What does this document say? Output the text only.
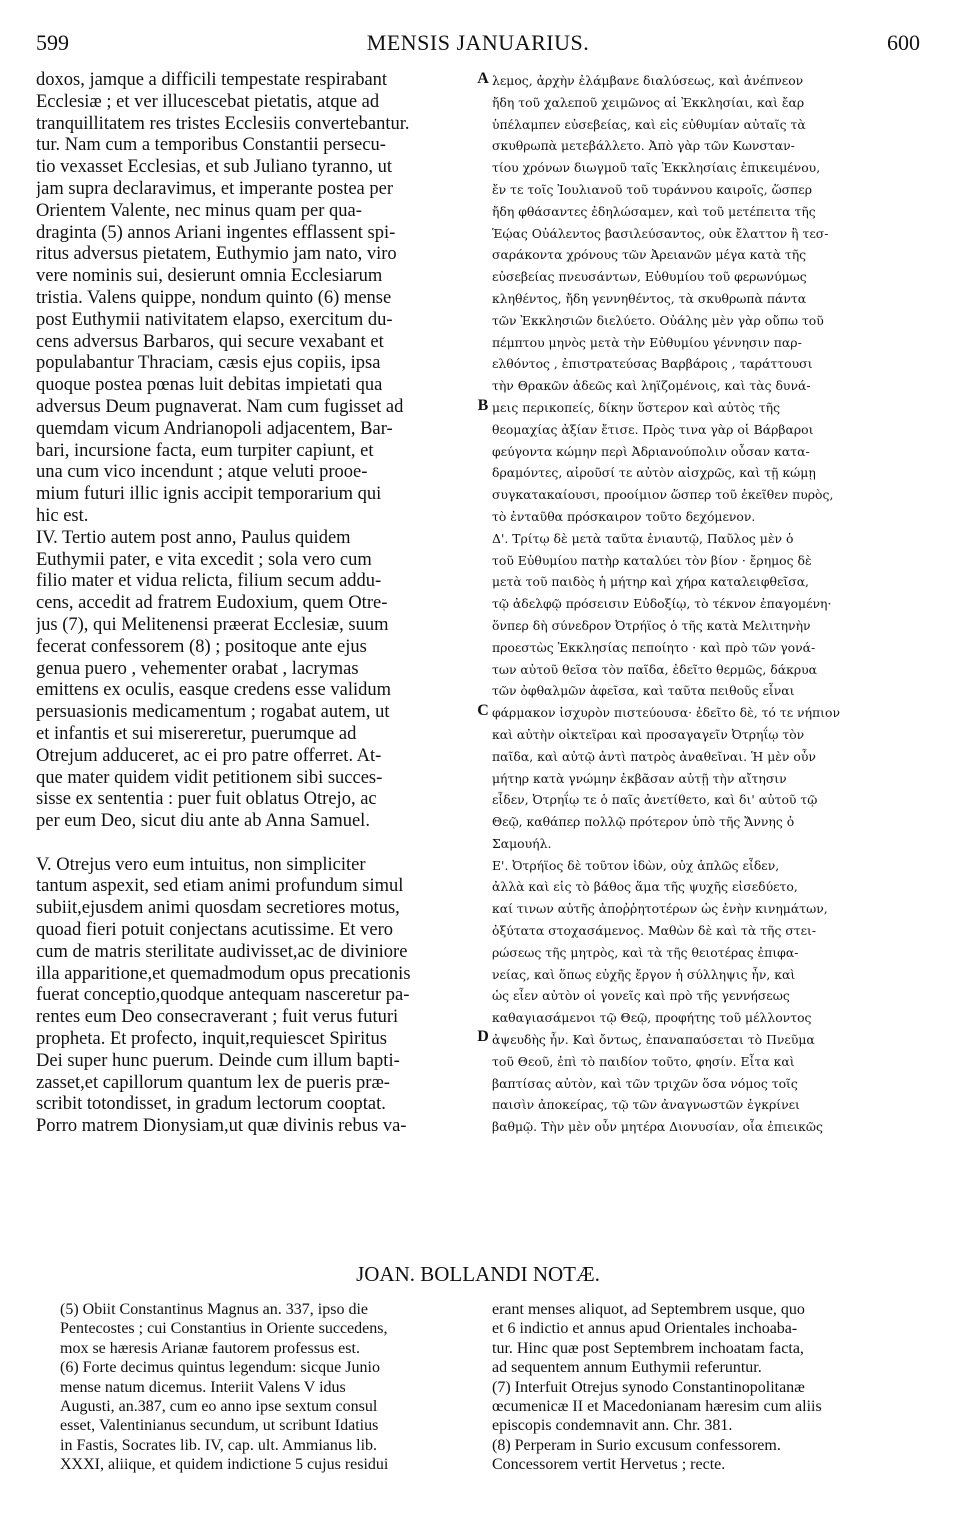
MENSIS JANUARIUS.
599	600
doxos, jamque a difficili tempestate respirabant
Ecclesiæ ; et ver illucescebat pietatis, atque ad
tranquillitatem res tristes Ecclesiis convertebantur.
tur. Nam cum a temporibus Constantii persecu-
tio vexasset Ecclesias, et sub Juliano tyranno, ut
jam supra declaravimus, et imperante postea per
Orientem Valente, nec minus quam per qua-
draginta (5) annos Ariani ingentes efflassent spi-
ritus adversus pietatem, Euthymio jam nato, viro
vere nominis sui, desierunt omnia Ecclesiarum
tristia. Valens quippe, nondum quinto (6) mense
post Euthymii nativitatem elapso, exercitum du-
cens adversus Barbaros, qui secure vexabant et
populabantur Thraciam, cæsis ejus copiis, ipsa
quoque postea pœnas luit debitas impietati qua
adversus Deum pugnaverat. Nam cum fugisset ad
quemdam vicum Andrianopoli adjacentem, Bar-
bari, incursione facta, eum turpiter capiunt, et
una cum vico incendunt ; atque veluti prooe-
mium futuri illic ignis accipit temporarium qui
hic est.
IV. Tertio autem post anno, Paulus quidem
Euthymii pater, e vita excedit ; sola vero cum
filio mater et vidua relicta, filium secum addu-
cens, accedit ad fratrem Eudoxium, quem Otre-
jus (7), qui Melitenensi præerat Ecclesiæ, suum
fecerat confessorem (8) ; positoque ante ejus
genua puero , vehementer orabat , lacrymas
emittens ex oculis, easque credens esse validum
persuasionis medicamentum ; rogabat autem, ut
et infantis et sui misereretur, puerumque ad
Otrejum adduceret, ac ei pro patre offerret. At-
que mater quidem vidit petitionem sibi succes-
sisse ex sententia : puer fuit oblatus Otrejo, ac
per eum Deo, sicut diu ante ab Anna Samuel.
V. Otrejus vero eum intuitus, non simpliciter
tantum aspexit, sed etiam animi profundum simul
subiit,ejusdem animi quosdam secretiores motus,
quoad fieri potuit conjectans acutissime. Et vero
cum de matris sterilitate audivisset,ac de diviniore
illa apparitione,et quemadmodum opus precationis
fuerat conceptio,quodque antequam nasceretur pa-
rentes eum Deo consecraverant ; fuit verus futuri
propheta. Et profecto, inquit,requiescet Spiritus
Dei super hunc puerum. Deinde cum illum bapti-
zasset,et capillorum quantum lex de pueris præ-
scribit totondisset, in gradum lectorum cooptat.
Porro matrem Dionysiam,ut quæ divinis rebus va-
λεμος, ἀρχὴν ἐλάμβανε διαλύσεως, καὶ ἀνέπνεον
ἤδη τοῦ χαλεποῦ χειμῶνος αἱ Ἐκκλησίαι, καὶ ἔαρ
ὑπέλαμπεν εὐσεβείας, καὶ εἰς εὐθυμίαν αὐταῖς τὰ
σκυθρωπὰ μετεβάλλετο. Ἀπὸ γὰρ τῶν Κωνσταν-
τίου χρόνων διωγμοῦ ταῖς Ἐκκλησίαις ἐπικειμένου,
ἔν τε τοῖς Ἰουλιανοῦ τοῦ τυράννου καιροῖς, ὥσπερ
ἤδη φθάσαντες ἐδηλώσαμεν, καὶ τοῦ μετέπειτα τῆς
Ἑῴας Οὐάλεντος βασιλεύσαντος, οὐκ ἔλαττον ἢ τεσ-
σαράκοντα χρόνους τῶν Ἀρειανῶν μέγα κατὰ τῆς
εὐσεβείας πνευσάντων, Εὐθυμίου τοῦ φερωνύμως
κληθέντος, ἤδη γεννηθέντος, τὰ σκυθρωπὰ πάντα
τῶν Ἐκκλησιῶν διελύετο. Οὐάλης μὲν γὰρ οὔπω τοῦ
πέμπτου μηνὸς μετὰ τὴν Εὐθυμίου γέννησιν παρ-
ελθόντος , ἐπιστρατεύσας Βαρβάροις , ταράττουσι
τὴν Θρακῶν ἀδεῶς καὶ ληϊζομένοις, καὶ τὰς δυνά-
μεις περικοπείς, δίκην ὕστερον καὶ αὐτὸς τῆς
θεομαχίας ἀξίαν ἔτισε. Πρὸς τινα γὰρ οἱ Βάρβαροι
φεύγοντα κώμην περὶ Ἀδριανούπολιν οὖσαν κατα-
δραμόντες, αἱροῦσί τε αὐτὸν αἰσχρῶς, καὶ τῇ κώμῃ
συγκατακαίουσι, προοίμιον ὥσπερ τοῦ ἐκεῖθεν πυρὸς,
τὸ ἐνταῦθα πρόσκαιρον τοῦτο δεχόμενον.
Δ'. Τρίτῳ δὲ μετὰ ταῦτα ἐνιαυτῷ, Παῦλος μὲν ὁ
τοῦ Εὐθυμίου πατὴρ καταλύει τὸν βίον · ἔρημος δὲ
μετὰ τοῦ παιδὸς ἡ μήτηρ καὶ χήρα καταλειφθεῖσα,
τῷ ἀδελφῷ πρόσεισιν Εὐδοξίῳ, τὸ τέκνον ἐπαγομένη·
ὅνπερ δὴ σύνεδρον Ὀτρήϊος ὁ τῆς κατὰ Μελιτηνὴν
προεστὼς Ἐκκλησίας πεποίητο · καὶ πρὸ τῶν γονά-
των αὐτοῦ θεῖσα τὸν παῖδα, ἐδεῖτο θερμῶς, δάκρυα
τῶν ὀφθαλμῶν ἀφεῖσα, καὶ ταῦτα πειθοῦς εἶναι
φάρμακον ἰσχυρὸν πιστεύουσα· ἐδεῖτο δὲ, τό τε νήπιον
καὶ αὐτὴν οἰκτεῖραι καὶ προσαγαγεῖν Ὀτρηΐῳ τὸν
παῖδα, καὶ αὐτῷ ἀντὶ πατρὸς ἀναθεῖναι. Ἡ μὲν οὖν
μήτηρ κατὰ γνώμην ἐκβᾶσαν αὐτῇ τὴν αἴτησιν
εἶδεν, Ὀτρηΐῳ τε ὁ παῖς ἀνετίθετο, καὶ δι' αὐτοῦ τῷ
Θεῷ, καθάπερ πολλῷ πρότερον ὑπὸ τῆς Ἄννης ὁ
Σαμουήλ.
Ε'. Ὀτρήϊος δὲ τοῦτον ἰδὼν, οὐχ ἁπλῶς εἶδεν,
ἀλλὰ καὶ εἰς τὸ βάθος ἅμα τῆς ψυχῆς εἰσεδύετο,
καί τινων αὐτῆς ἀποῤῥητοτέρων ὡς ἐνὴν κινημάτων,
ὀξύτατα στοχασάμενος. Μαθὼν δὲ καὶ τὰ τῆς στει-
ρώσεως τῆς μητρὸς, καὶ τὰ τῆς θειοτέρας ἐπιφα-
νείας, καὶ ὅπως εὐχῆς ἔργον ἡ σύλληψις ἦν, καὶ
ὡς εἶεν αὐτὸν οἱ γονεῖς καὶ πρὸ τῆς γεννήσεως
καθαγιασάμενοι τῷ Θεῷ, προφήτης τοῦ μέλλοντος
ἀψευδὴς ἦν. Καὶ ὄντως, ἐπαναπαύσεται τὸ Πνεῦμα
τοῦ Θεοῦ, ἐπὶ τὸ παιδίον τοῦτο, φησίν. Εἶτα καὶ
βαπτίσας αὐτὸν, καὶ τῶν τριχῶν ὅσα νόμος τοῖς
παισὶν ἀποκείρας, τῷ τῶν ἀναγνωστῶν ἐγκρίνει
βαθμῷ. Τὴν μὲν οὖν μητέρα Διονυσίαν, οἷα ἐπιεικῶς
A
B
C
D
JOAN. BOLLANDI NOTÆ.
(5) Obiit Constantinus Magnus an. 337, ipso die
Pentecostes ; cui Constantius in Oriente succedens,
mox se hæresis Arianæ fautorem professus est.
(6) Forte decimus quintus legendum: sicque Junio
mense natum dicemus. Interiit Valens V idus
Augusti, an.387, cum eo anno ipse sextum consul
esset, Valentinianus secundum, ut scribunt Idatius
in Fastis, Socrates lib. IV, cap. ult. Ammianus lib.
XXXI, aliique, et quidem indictione 5 cujus residui
erant menses aliquot, ad Septembrem usque, quo
et 6 indictio et annus apud Orientales inchoaba-
tur. Hinc quæ post Septembrem inchoatam facta,
ad sequentem annum Euthymii referuntur.
(7) Interfuit Otrejus synodo Constantinopolitanæ
œcumenicæ II et Macedonianam hæresim cum aliis
episcopis condemnavit ann. Chr. 381.
(8) Perperam in Surio excusum confessorem.
Concessorem vertit Hervetus ; recte.
